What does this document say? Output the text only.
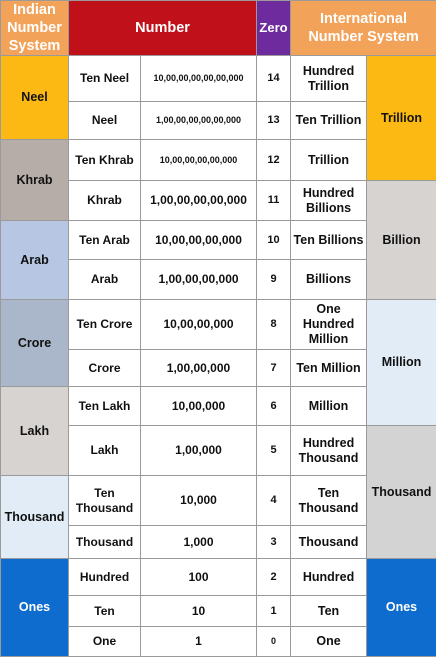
Indian Number System	Number		Zero	International Number System	
Neel	Ten Neel	10,00,00,00,00,00,000	14	Hundred Trillion	Trillion
	Neel	1,00,00,00,00,00,000	13	Ten Trillion	
Khrab	Ten Khrab	10,00,00,00,00,000	12	Trillion	
	Khrab	1,00,00,00,00,000	11	Hundred Billions	Billion
Arab	Ten Arab	10,00,00,00,000	10	Ten Billions	
	Arab	1,00,00,00,000	9	Billions	
Crore	Ten Crore	10,00,00,000	8	One Hundred Million	Million
	Crore	1,00,00,000	7	Ten Million	
Lakh	Ten Lakh	10,00,000	6	Million	
	Lakh	1,00,000	5	Hundred Thousand	Thousand
Thousand	Ten Thousand	10,000	4	Ten Thousand	
	Thousand	1,000	3	Thousand	
Ones	Hundred	100	2	Hundred	Ones
	Ten	10	1	Ten	
	One	1	0	One	
